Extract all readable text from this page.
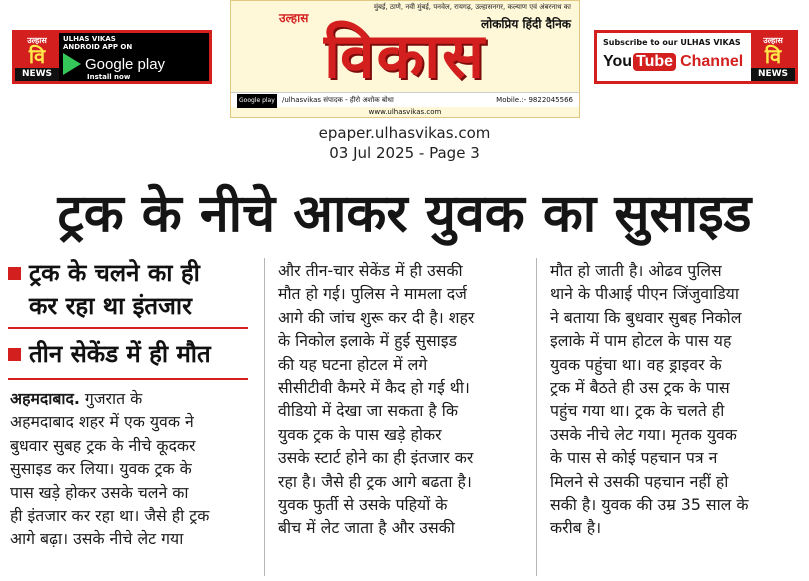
उल्हास
वि
NEWS
ULHAS VIKAS
ANDROID APP ON
Google play
Install now
मुंबई, ठाणे, नवी मुंबई, पनवेल, रायगढ़, उल्हासनगर, कल्याण एवं अंबरनाथ का
लोकप्रिय हिंदी दैनिक
उल्हास
विकास
Google play /ulhasvikas संपादक - हीरो अशोक बोधा	Mobile.:- 9822045566
www.ulhasvikas.com
Subscribe to our ULHAS VIKAS
You Tube Channel
उल्हास
वि
NEWS
epaper.ulhasvikas.com
03 Jul 2025 - Page 3
ट्रक के नीचे आकर युवक का सुसाइड
ट्रक के चलने का ही
कर रहा था इंतजार
तीन सेकेंड में ही मौत
अहमदाबाद. गुजरात के
अहमदाबाद शहर में एक युवक ने
बुधवार सुबह ट्रक के नीचे कूदकर
सुसाइड कर लिया। युवक ट्रक के
पास खड़े होकर उसके चलने का
ही इंतजार कर रहा था। जैसे ही ट्रक
आगे बढ़ा। उसके नीचे लेट गया
और तीन-चार सेकेंड में ही उसकी
मौत हो गई। पुलिस ने मामला दर्ज
आगे की जांच शुरू कर दी है। शहर
के निकोल इलाके में हुई सुसाइड
की यह घटना होटल में लगे
सीसीटीवी कैमरे में कैद हो गई थी।
वीडियो में देखा जा सकता है कि
युवक ट्रक के पास खड़े होकर
उसके स्टार्ट होने का ही इंतजार कर
रहा है। जैसे ही ट्रक आगे बढता है।
युवक फुर्ती से उसके पहियों के
बीच में लेट जाता है और उसकी
मौत हो जाती है। ओढव पुलिस
थाने के पीआई पीएन जिंजुवाडिया
ने बताया कि बुधवार सुबह निकोल
इलाके में पाम होटल के पास यह
युवक पहुंचा था। वह ड्राइवर के
ट्रक में बैठते ही उस ट्रक के पास
पहुंच गया था। ट्रक के चलते ही
उसके नीचे लेट गया। मृतक युवक
के पास से कोई पहचान पत्र न
मिलने से उसकी पहचान नहीं हो
सकी है। युवक की उम्र 35 साल के
करीब है।
